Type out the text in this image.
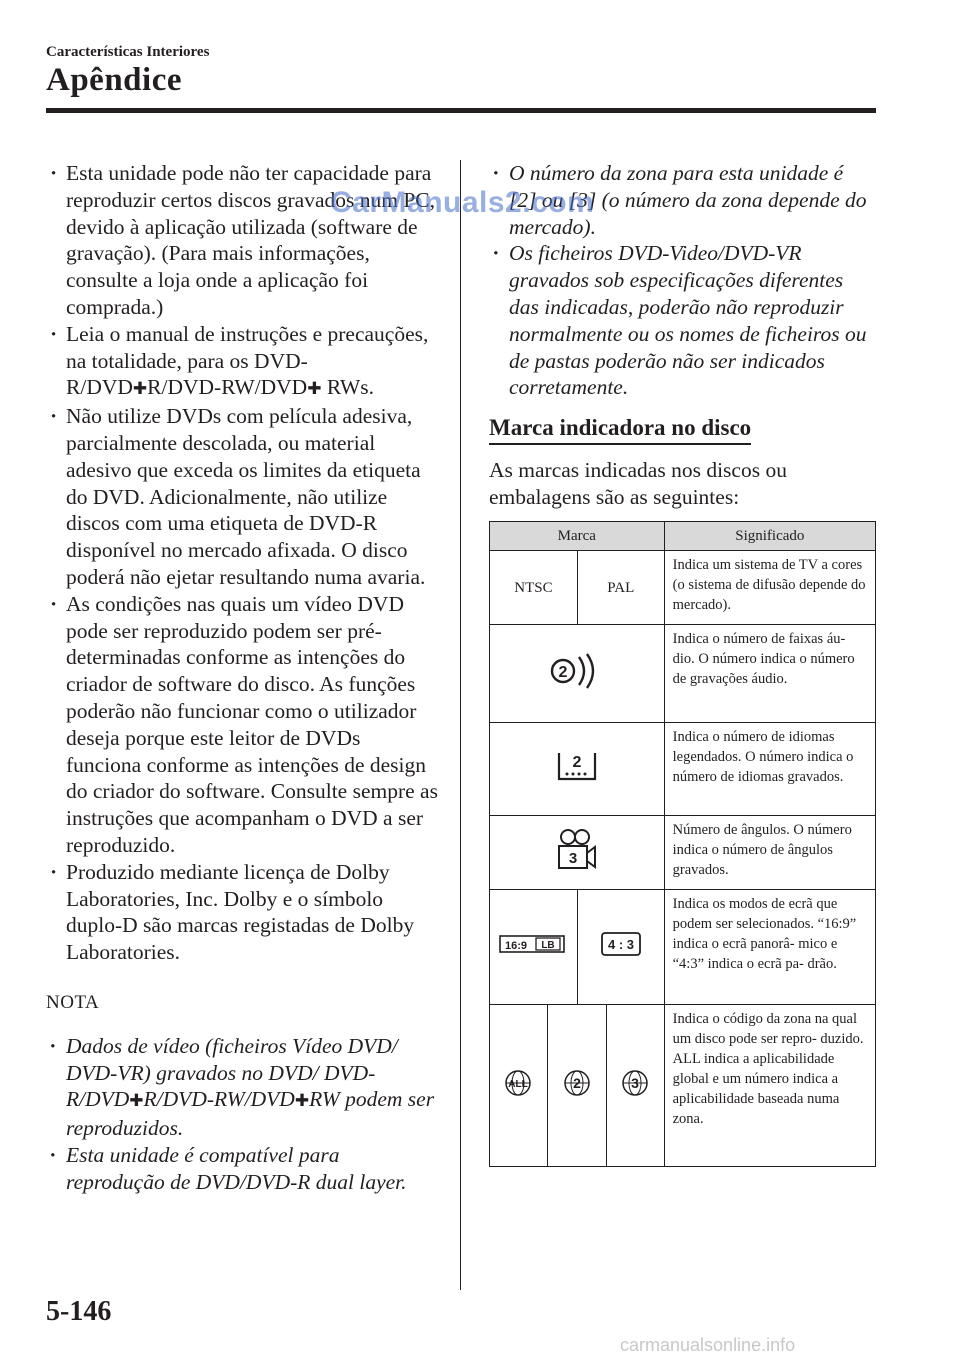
Características Interiores
Apêndice
· Esta unidade pode não ter capacidade para reproduzir certos discos gravados num PC, devido à aplicação utilizada (software de gravação). (Para mais informações, consulte a loja onde a aplicação foi comprada.)
· Leia o manual de instruções e precauções, na totalidade, para os DVD-R/DVD✚R/DVD-RW/DVD✚ RWs.
· Não utilize DVDs com película adesiva, parcialmente descolada, ou material adesivo que exceda os limites da etiqueta do DVD. Adicionalmente, não utilize discos com uma etiqueta de DVD-R disponível no mercado afixada. O disco poderá não ejetar resultando numa avaria.
· As condições nas quais um vídeo DVD pode ser reproduzido podem ser pré-determinadas conforme as intenções do criador de software do disco. As funções poderão não funcionar como o utilizador deseja porque este leitor de DVDs funciona conforme as intenções de design do criador do software. Consulte sempre as instruções que acompanham o DVD a ser reproduzido.
· Produzido mediante licença de Dolby Laboratories, Inc. Dolby e o símbolo duplo-D são marcas registadas de Dolby Laboratories.
NOTA
· Dados de vídeo (ficheiros Vídeo DVD/ DVD-VR) gravados no DVD/ DVD-R/DVD✚R/DVD-RW/DVD✚RW podem ser reproduzidos.
· Esta unidade é compatível para reprodução de DVD/DVD-R dual layer.
· O número da zona para esta unidade é [2] ou [3] (o número da zona depende do mercado).
· Os ficheiros DVD-Video/DVD-VR gravados sob especificações diferentes das indicadas, poderão não reproduzir normalmente ou os nomes de ficheiros ou de pastas poderão não ser indicados corretamente.
Marca indicadora no disco

As marcas indicadas nos discos ou embalagens são as seguintes:

Marca				Significado
NTSC		PAL		Indica um sistema de TV a cores (o sistema de difusão depende do mercado).

2				Indica o número de faixas áu- dio. O número indica o número de gravações áudio.

2				Indica o número de idiomas legendados. O número indica o número de idiomas gravados.

3				Número de ângulos. O número indica o número de ângulos gravados.

16:9 LB		4 : 3		Indica os modos de ecrã que podem ser selecionados. “16:9” indica o ecrã panorâ- mico e “4:3” indica o ecrã pa- drão.

ALL	2		3	Indica o código da zona na qual um disco pode ser repro- duzido. ALL indica a aplicabilidade global e um número indica a aplicabilidade baseada numa zona.
5-146
CarManuals2.com
carmanualsonline.info
